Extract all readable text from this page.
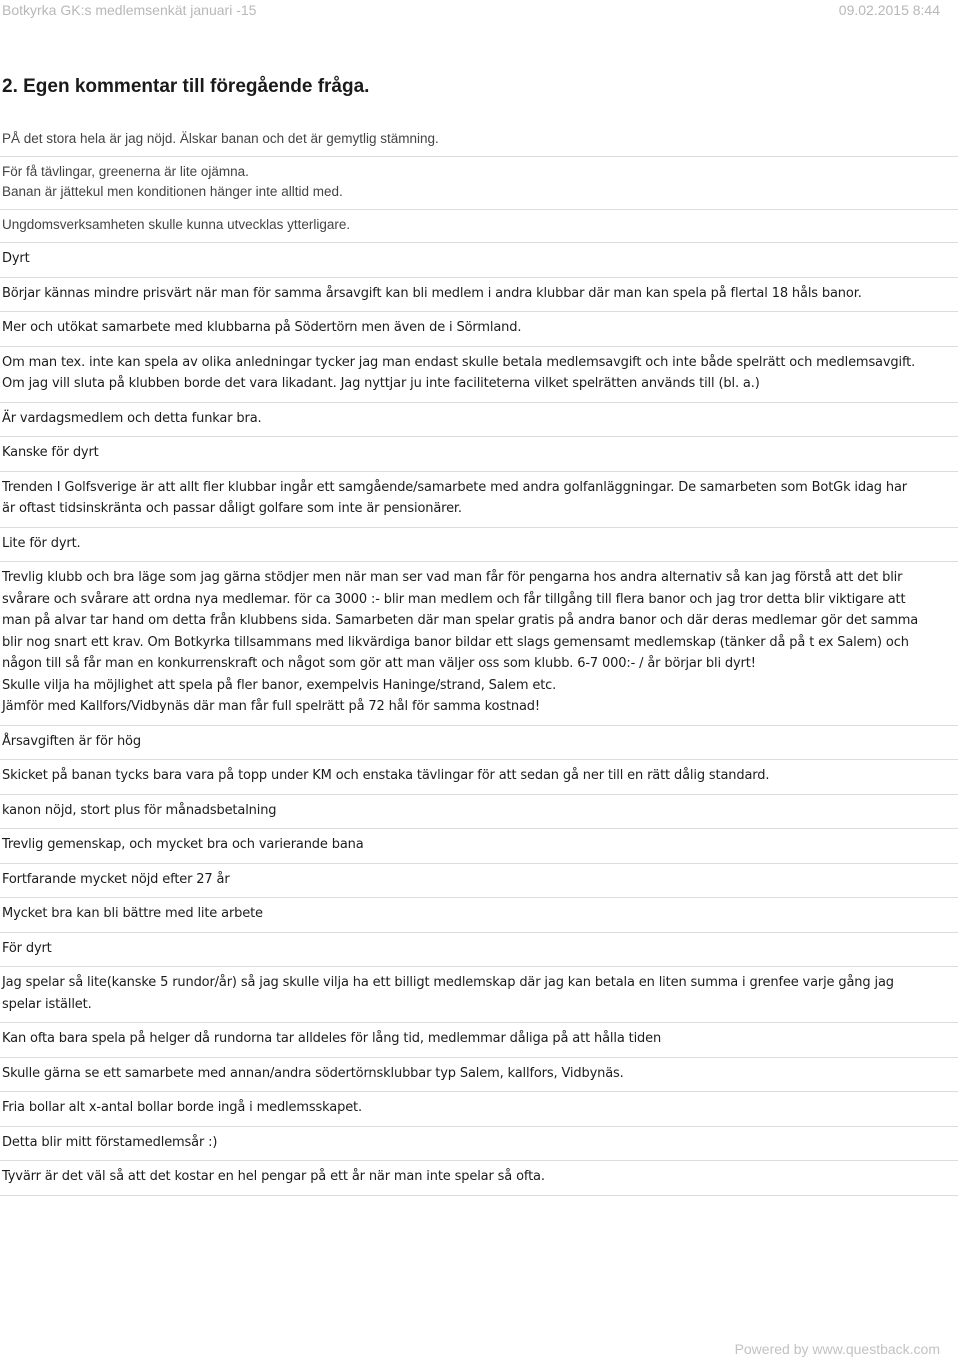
Botkyrka GK:s medlemsenkät januari -15	09.02.2015 8:44
2. Egen kommentar till föregående fråga.
PÅ det stora hela är jag nöjd. Älskar banan och det är gemytlig stämning.
För få tävlingar, greenerna är lite ojämna.
Banan är jättekul men konditionen hänger inte alltid med.
Ungdomsverksamheten skulle kunna utvecklas ytterligare.
Dyrt
Börjar kännas mindre prisvärt när man för samma årsavgift kan bli medlem i andra klubbar där man kan spela på flertal 18 håls banor.
Mer och utökat samarbete med klubbarna på Södertörn men även de i Sörmland.
Om man tex. inte kan spela av olika anledningar tycker jag man endast skulle betala medlemsavgift och inte både spelrätt och medlemsavgift.
Om jag vill sluta på klubben borde det vara likadant. Jag nyttjar ju inte faciliteterna vilket spelrätten används till (bl. a.)
Är vardagsmedlem och detta funkar bra.
Kanske för dyrt
Trenden I Golfsverige är att allt fler klubbar ingår ett samgående/samarbete med andra golfanläggningar. De samarbeten som BotGk idag har
är oftast tidsinskränta och passar dåligt golfare som inte är pensionärer.
Lite för dyrt.
Trevlig klubb och bra läge som jag gärna stödjer men när man ser vad man får för pengarna hos andra alternativ så kan jag förstå att det blir
svårare och svårare att ordna nya medlemar. för ca 3000 :- blir man medlem och får tillgång till flera banor och jag tror detta blir viktigare att
man på alvar tar hand om detta från klubbens sida. Samarbeten där man spelar gratis på andra banor och där deras medlemar gör det samma
blir nog snart ett krav. Om Botkyrka tillsammans med likvärdiga banor bildar ett slags gemensamt medlemskap (tänker då på t ex Salem) och
någon till så får man en konkurrenskraft och något som gör att man väljer oss som klubb. 6-7 000:- / år börjar bli dyrt!
Skulle vilja ha möjlighet att spela på fler banor, exempelvis Haninge/strand, Salem etc.
Jämför med Kallfors/Vidbynäs där man får full spelrätt på 72 hål för samma kostnad!
Årsavgiften är för hög
Skicket på banan tycks bara vara på topp under KM och enstaka tävlingar för att sedan gå ner till en rätt dålig standard.
kanon nöjd, stort plus för månadsbetalning
Trevlig gemenskap, och mycket bra och varierande bana
Fortfarande mycket nöjd efter 27 år
Mycket bra kan bli bättre med lite arbete
För dyrt
Jag spelar så lite(kanske 5 rundor/år) så jag skulle vilja ha ett billigt medlemskap där jag kan betala en liten summa i grenfee varje gång jag
spelar istället.
Kan ofta bara spela på helger då rundorna tar alldeles för lång tid, medlemmar dåliga på att hålla tiden
Skulle gärna se ett samarbete med annan/andra södertörnsklubbar typ Salem, kallfors, Vidbynäs.
Fria bollar alt x-antal bollar borde ingå i medlemsskapet.
Detta blir mitt förstamedlemsår :)
Tyvärr är det väl så att det kostar en hel pengar på ett år när man inte spelar så ofta.
Powered by www.questback.com
